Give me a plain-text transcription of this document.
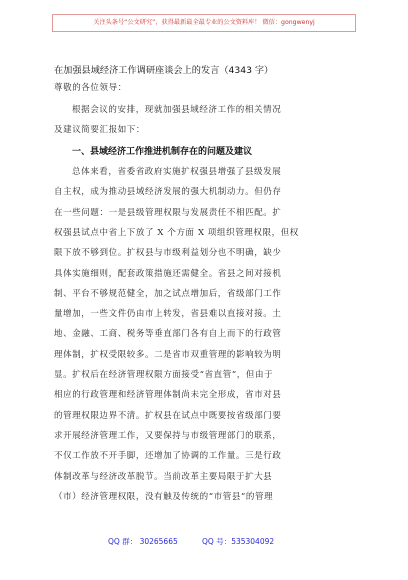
关注头条号“公文研究”，获得最新最全最专业的公文资料库！ 微信：gongwenyj
在加强县域经济工作调研座谈会上的发言（4343 字）
尊敬的各位领导：
根据会议的安排，现就加强县域经济工作的相关情况
及建议简要汇报如下：
一、县域经济工作推进机制存在的问题及建议
总体来看，省委省政府实施扩权强县增强了县级发展
自主权，成为推动县域经济发展的强大机制动力。但仍存
在一些问题：一是县级管理权限与发展责任不相匹配。扩
权强县试点中省上下放了 X 个方面 X 项组织管理权限，但权
限下放不够到位。扩权县与市级利益划分也不明确，缺少
具体实施细则，配套政策措施还需健全。省县之间对接机
制、平台不够规范健全，加之试点增加后，省级部门工作
量增加，一些文件仍由市上转发，省县难以直接对接。土
地、金融、工商、税务等垂直部门各有自上而下的行政管
理体制，扩权受限较多。二是省市双重管理的影响较为明
显。扩权后在经济管理权限方面接受“省直管”，但由于
相应的行政管理和经济管理体制尚未完全形成，省市对县
的管理权限边界不清。扩权县在试点中既要按省级部门要
求开展经济管理工作，又要保持与市级管理部门的联系，
不仅工作放不开手脚，还增加了协调的工作量。三是行政
体制改革与经济改革脱节。当前改革主要局限于扩大县
（市）经济管理权限，没有触及传统的“市管县”的管理
QQ 群： 30265665	QQ 号：535304092
